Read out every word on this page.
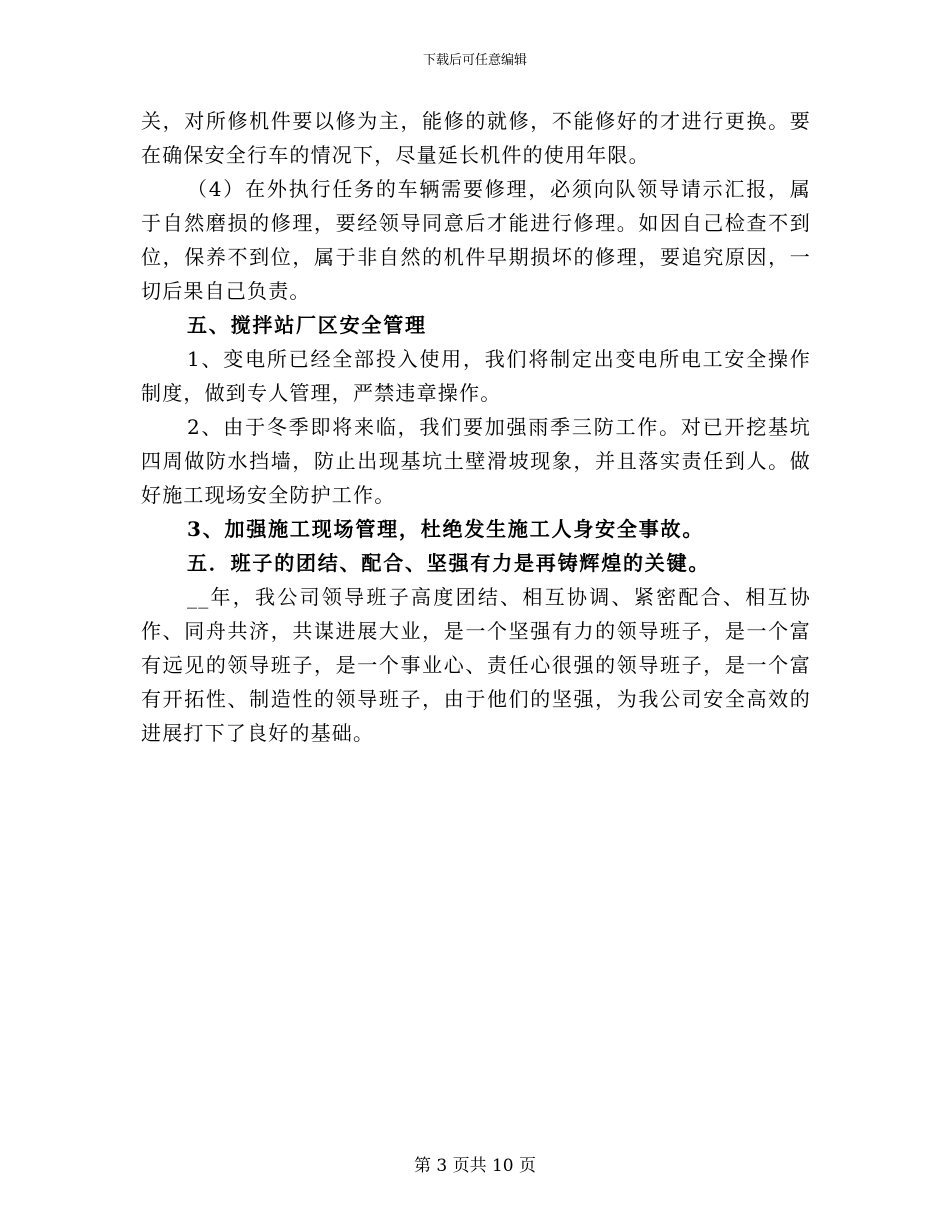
下载后可任意编辑

关，对所修机件要以修为主，能修的就修，不能修好的才进行更换。要在确保安全行车的情况下，尽量延长机件的使用年限。

（4）在外执行任务的车辆需要修理，必须向队领导请示汇报，属于自然磨损的修理，要经领导同意后才能进行修理。如因自己检查不到位，保养不到位，属于非自然的机件早期损坏的修理，要追究原因，一切后果自己负责。

五、搅拌站厂区安全管理

1、变电所已经全部投入使用，我们将制定出变电所电工安全操作制度，做到专人管理，严禁违章操作。

2、由于冬季即将来临，我们要加强雨季三防工作。对已开挖基坑四周做防水挡墙，防止出现基坑土壁滑坡现象，并且落实责任到人。做好施工现场安全防护工作。

3、加强施工现场管理，杜绝发生施工人身安全事故。

五．班子的团结、配合、坚强有力是再铸辉煌的关键。

__年，我公司领导班子高度团结、相互协调、紧密配合、相互协作、同舟共济，共谋进展大业，是一个坚强有力的领导班子，是一个富有远见的领导班子，是一个事业心、责任心很强的领导班子，是一个富有开拓性、制造性的领导班子，由于他们的坚强，为我公司安全高效的进展打下了良好的基础。

第 3 页共 10 页
